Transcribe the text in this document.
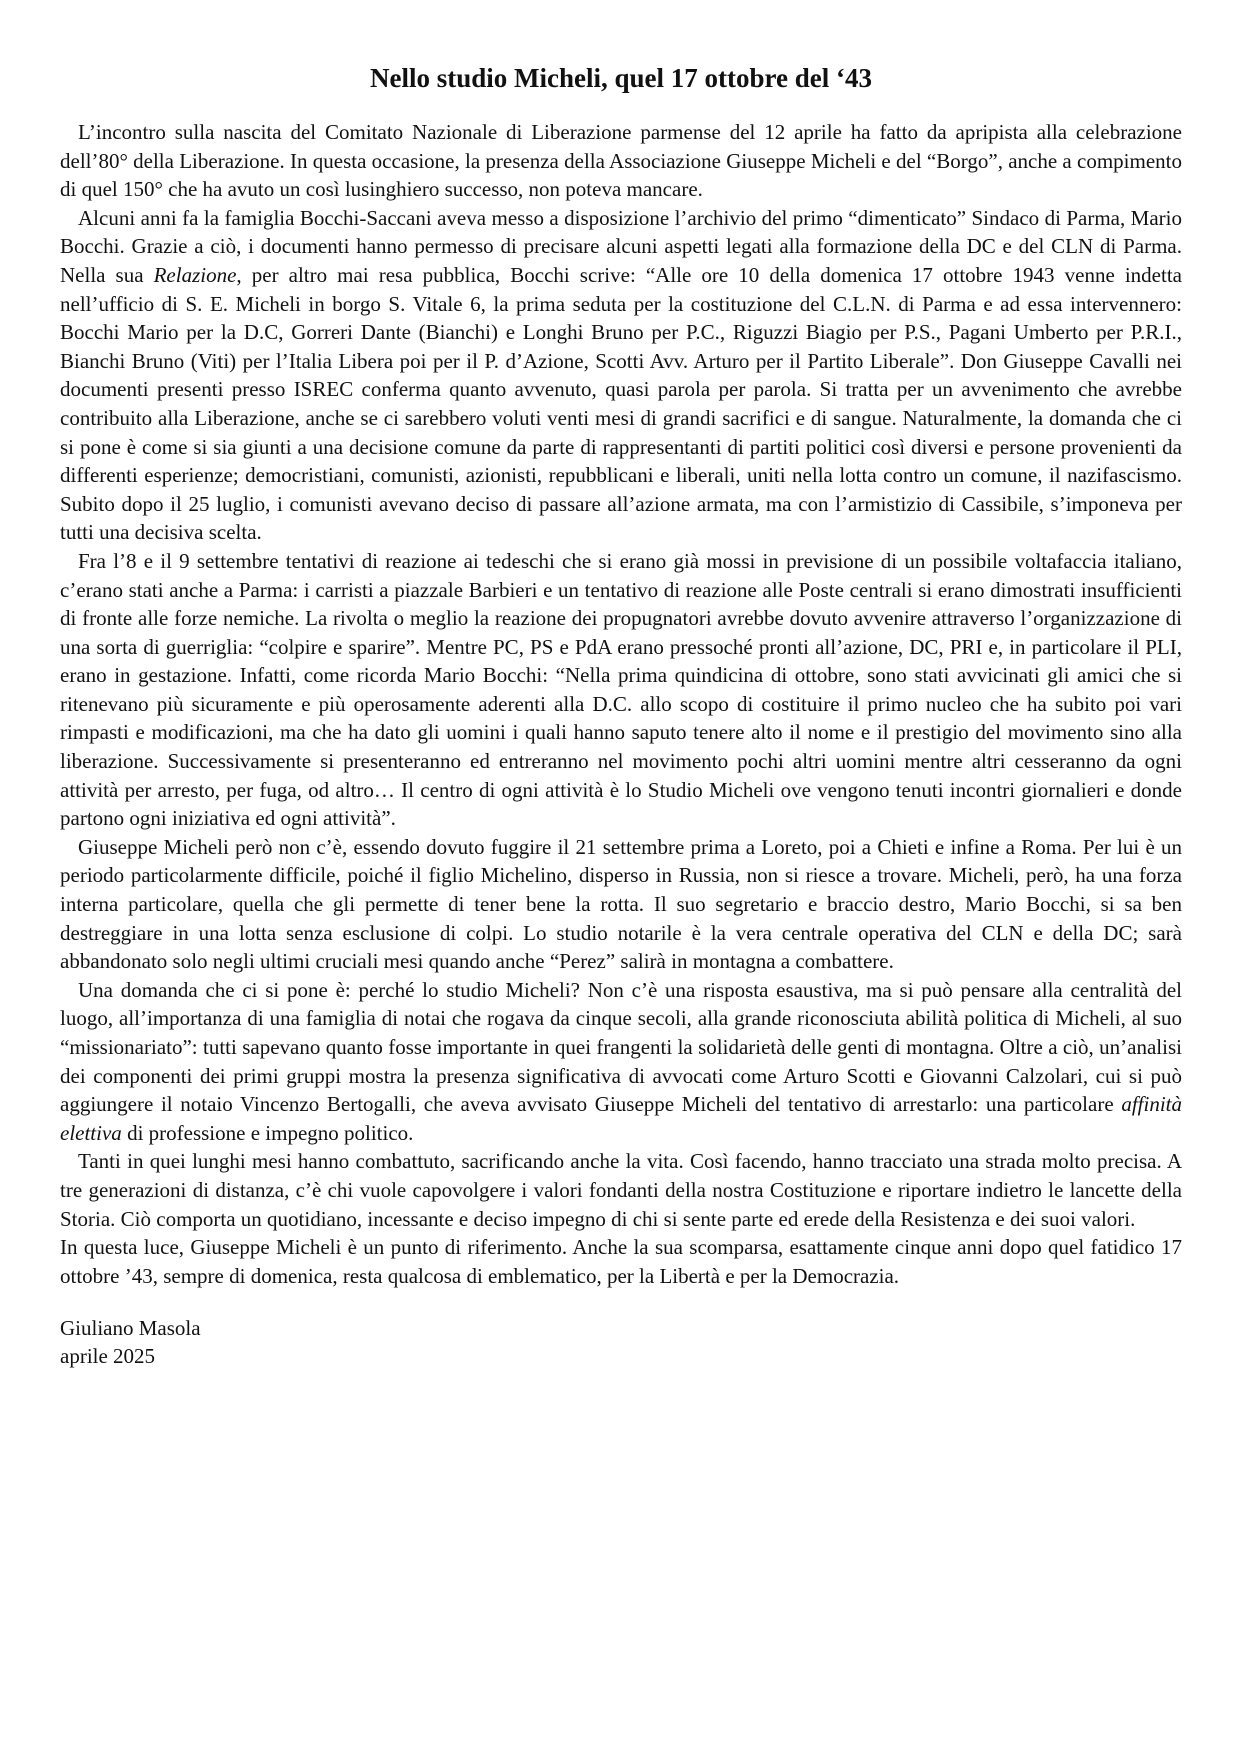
Nello studio Micheli, quel 17 ottobre del ‘43

L’incontro sulla nascita del Comitato Nazionale di Liberazione parmense del 12 aprile ha fatto da apripista alla celebrazione dell’80° della Liberazione. In questa occasione, la presenza della Associazione Giuseppe Micheli e del “Borgo”, anche a compimento di quel 150° che ha avuto un così lusinghiero successo, non poteva mancare.

Alcuni anni fa la famiglia Bocchi-Saccani aveva messo a disposizione l’archivio del primo “dimenticato” Sindaco di Parma, Mario Bocchi. Grazie a ciò, i documenti hanno permesso di precisare alcuni aspetti legati alla formazione della DC e del CLN di Parma. Nella sua Relazione, per altro mai resa pubblica, Bocchi scrive: “Alle ore 10 della domenica 17 ottobre 1943 venne indetta nell’ufficio di S. E. Micheli in borgo S. Vitale 6, la prima seduta per la costituzione del C.L.N. di Parma e ad essa intervennero: Bocchi Mario per la D.C, Gorreri Dante (Bianchi) e Longhi Bruno per P.C., Riguzzi Biagio per P.S., Pagani Umberto per P.R.I., Bianchi Bruno (Viti) per l’Italia Libera poi per il P. d’Azione, Scotti Avv. Arturo per il Partito Liberale”. Don Giuseppe Cavalli nei documenti presenti presso ISREC conferma quanto avvenuto, quasi parola per parola. Si tratta per un avvenimento che avrebbe contribuito alla Liberazione, anche se ci sarebbero voluti venti mesi di grandi sacrifici e di sangue. Naturalmente, la domanda che ci si pone è come si sia giunti a una decisione comune da parte di rappresentanti di partiti politici così diversi e persone provenienti da differenti esperienze; democristiani, comunisti, azionisti, repubblicani e liberali, uniti nella lotta contro un comune, il nazifascismo. Subito dopo il 25 luglio, i comunisti avevano deciso di passare all’azione armata, ma con l’armistizio di Cassibile, s’imponeva per tutti una decisiva scelta.

Fra l’8 e il 9 settembre tentativi di reazione ai tedeschi che si erano già mossi in previsione di un possibile voltafaccia italiano, c’erano stati anche a Parma: i carristi a piazzale Barbieri e un tentativo di reazione alle Poste centrali si erano dimostrati insufficienti di fronte alle forze nemiche. La rivolta o meglio la reazione dei propugnatori avrebbe dovuto avvenire attraverso l’organizzazione di una sorta di guerriglia: “colpire e sparire”. Mentre PC, PS e PdA erano pressoché pronti all’azione, DC, PRI e, in particolare il PLI, erano in gestazione. Infatti, come ricorda Mario Bocchi: “Nella prima quindicina di ottobre, sono stati avvicinati gli amici che si ritenevano più sicuramente e più operosamente aderenti alla D.C. allo scopo di costituire il primo nucleo che ha subito poi vari rimpasti e modificazioni, ma che ha dato gli uomini i quali hanno saputo tenere alto il nome e il prestigio del movimento sino alla liberazione. Successivamente si presenteranno ed entreranno nel movimento pochi altri uomini mentre altri cesseranno da ogni attività per arresto, per fuga, od altro… Il centro di ogni attività è lo Studio Micheli ove vengono tenuti incontri giornalieri e donde partono ogni iniziativa ed ogni attività”.

Giuseppe Micheli però non c’è, essendo dovuto fuggire il 21 settembre prima a Loreto, poi a Chieti e infine a Roma. Per lui è un periodo particolarmente difficile, poiché il figlio Michelino, disperso in Russia, non si riesce a trovare. Micheli, però, ha una forza interna particolare, quella che gli permette di tener bene la rotta. Il suo segretario e braccio destro, Mario Bocchi, si sa ben destreggiare in una lotta senza esclusione di colpi. Lo studio notarile è la vera centrale operativa del CLN e della DC; sarà abbandonato solo negli ultimi cruciali mesi quando anche “Perez” salirà in montagna a combattere.

Una domanda che ci si pone è: perché lo studio Micheli? Non c’è una risposta esaustiva, ma si può pensare alla centralità del luogo, all’importanza di una famiglia di notai che rogava da cinque secoli, alla grande riconosciuta abilità politica di Micheli, al suo “missionariato”: tutti sapevano quanto fosse importante in quei frangenti la solidarietà delle genti di montagna. Oltre a ciò, un’analisi dei componenti dei primi gruppi mostra la presenza significativa di avvocati come Arturo Scotti e Giovanni Calzolari, cui si può aggiungere il notaio Vincenzo Bertogalli, che aveva avvisato Giuseppe Micheli del tentativo di arrestarlo: una particolare affinità elettiva di professione e impegno politico.

Tanti in quei lunghi mesi hanno combattuto, sacrificando anche la vita. Così facendo, hanno tracciato una strada molto precisa. A tre generazioni di distanza, c’è chi vuole capovolgere i valori fondanti della nostra Costituzione e riportare indietro le lancette della Storia. Ciò comporta un quotidiano, incessante e deciso impegno di chi si sente parte ed erede della Resistenza e dei suoi valori.

In questa luce, Giuseppe Micheli è un punto di riferimento. Anche la sua scomparsa, esattamente cinque anni dopo quel fatidico 17 ottobre ’43, sempre di domenica, resta qualcosa di emblematico, per la Libertà e per la Democrazia.

Giuliano Masola
aprile 2025
